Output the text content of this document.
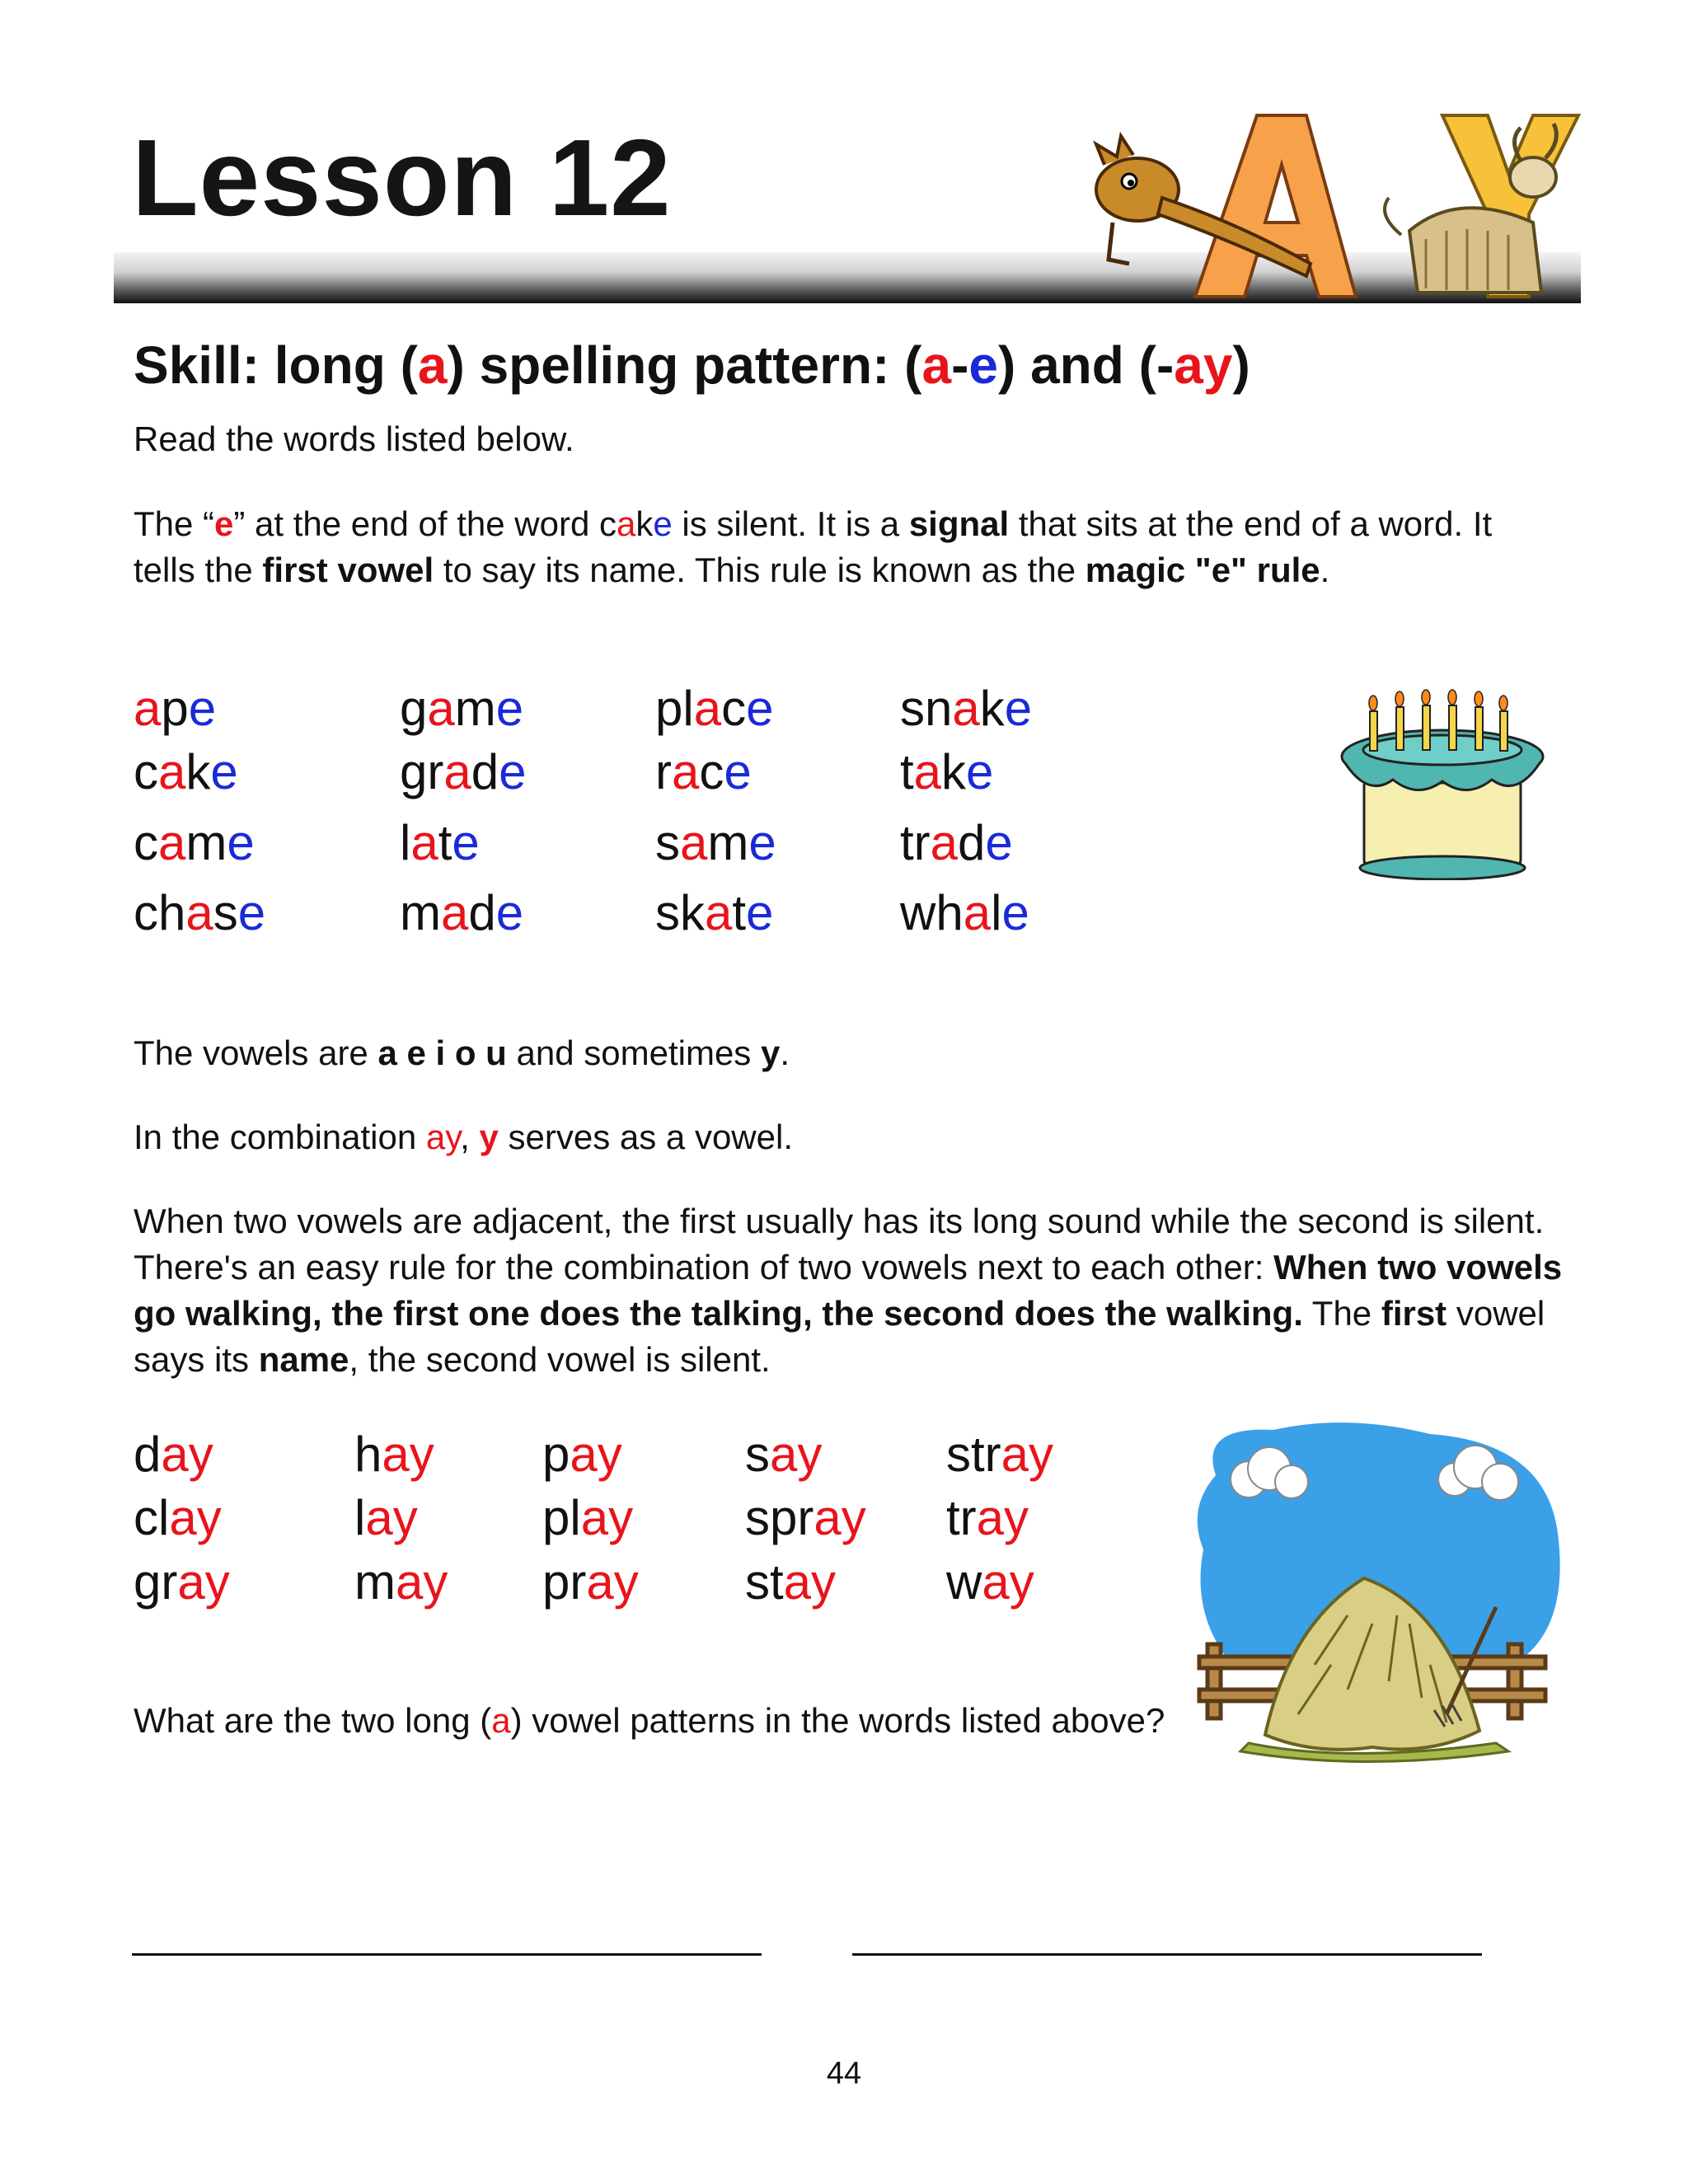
Lesson 12
Skill: long (a) spelling pattern: (a-e) and (-ay)
Read the words listed below.
The “e” at the end of the word cake is silent. It is a signal that sits at the end of a word. It tells the first vowel to say its name. This rule is known as the magic "e" rule.
ape	game	place	snake
cake	grade	race	take
came	late	same	trade
chase	made	skate	whale
The vowels are a e i o u and sometimes y.
In the combination ay, y serves as a vowel.
When two vowels are adjacent, the first usually has its long sound while the second is silent. There's an easy rule for the combination of two vowels next to each other: When two vowels go walking, the first one does the talking, the second does the walking. The first vowel says its name, the second vowel is silent.
day	hay pay say	stray
clay	lay	play spray tray
gray	may pray stay way
What are the two long (a) vowel patterns in the words listed above?
44
